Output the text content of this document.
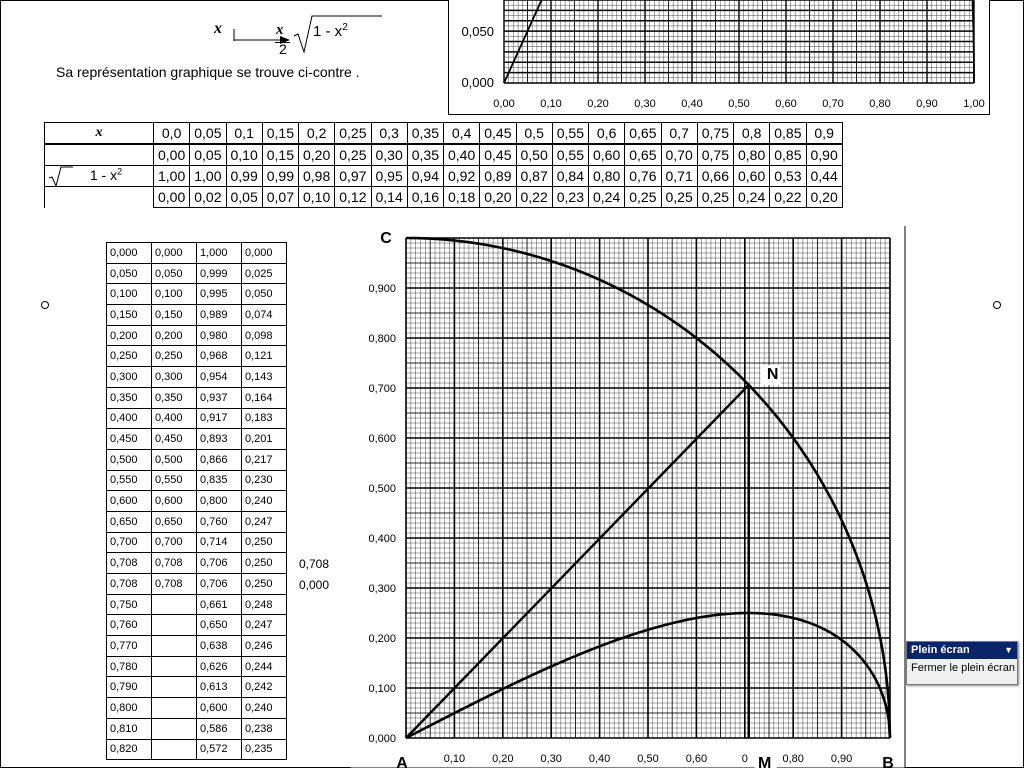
x	x
2
$1 - x^2$
Sa représentation graphique se trouve ci-contre .
0,050
0,000
0,00 0,10 0,20 0,30 0,40 0,50 0,60 0,70 0,80 0,90 1,00
x	0,0	0,05	0,1	0,15	0,2	0,25	0,3	0,35	0,4	0,45	0,5	0,55	0,6	0,65	0,7	0,75	0,8	0,85	0,9
	0,00	0,05	0,10	0,15	0,20	0,25	0,30	0,35	0,40	0,45	0,50	0,55	0,60	0,65	0,70	0,75	0,80	0,85	0,90

$1 - x^2$	1,00	1,00	0,99	0,99	0,98	0,97	0,95	0,94	0,92	0,89	0,87	0,84	0,80	0,76	0,71	0,66	0,60	0,53	0,44
	0,00	0,02	0,05	0,07	0,10	0,12	0,14	0,16	0,18	0,20	0,22	0,23	0,24	0,25	0,25	0,25	0,24	0,22	0,20
0,000	0,000	1,000	0,000
0,050	0,050	0,999	0,025
0,100	0,100	0,995	0,050
0,150	0,150	0,989	0,074
0,200	0,200	0,980	0,098
0,250	0,250	0,968	0,121
0,300	0,300	0,954	0,143
0,350	0,350	0,937	0,164
0,400	0,400	0,917	0,183
0,450	0,450	0,893	0,201
0,500	0,500	0,866	0,217
0,550	0,550	0,835	0,230
0,600	0,600	0,800	0,240
0,650	0,650	0,760	0,247
0,700	0,700	0,714	0,250
0,708	0,708	0,706	0,250
0,708	0,708	0,706	0,250
0,750		0,661	0,248
0,760		0,650	0,247
0,770		0,638	0,246
0,780		0,626	0,244
0,790		0,613	0,242
0,800		0,600	0,240
0,810		0,586	0,238
0,820		0,572	0,235
0,708
0,000
0,000
0,100
0,200
0,300
0,400
0,500
0,600
0,700
0,800
0,900
0,10 0,20 0,30 0,40 0,50 0,60	0	0,80 0,90
A	B
C
N
M
Plein écran	▼
Fermer le plein écran
